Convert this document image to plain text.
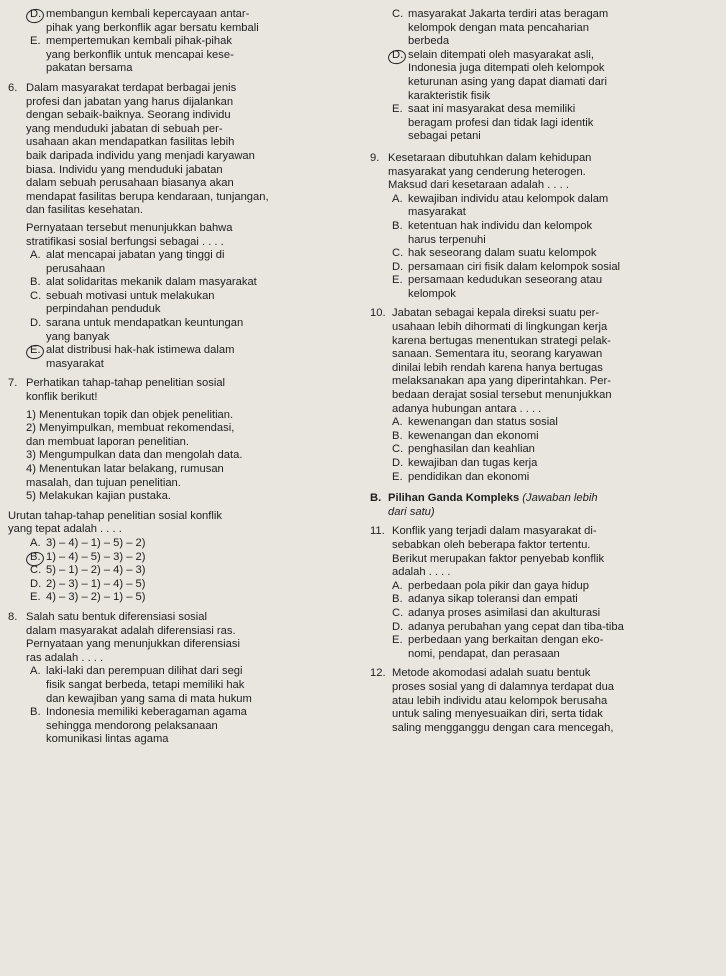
D. membangun kembali kepercayaan antar-
pihak yang berkonflik agar bersatu kembali
E. mempertemukan kembali pihak-pihak
yang berkonflik untuk mencapai kese-
pakatan bersama
6. Dalam masyarakat terdapat berbagai jenis
profesi dan jabatan yang harus dijalankan
dengan sebaik-baiknya. Seorang individu
yang menduduki jabatan di sebuah per-
usahaan akan mendapatkan fasilitas lebih
baik daripada individu yang menjadi karyawan
biasa. Individu yang menduduki jabatan
dalam sebuah perusahaan biasanya akan
mendapat fasilitas berupa kendaraan, tunjangan,
dan fasilitas kesehatan.
Pernyataan tersebut menunjukkan bahwa
stratifikasi sosial berfungsi sebagai . . . .
A. alat mencapai jabatan yang tinggi di
perusahaan
B. alat solidaritas mekanik dalam masyarakat
C. sebuah motivasi untuk melakukan
perpindahan penduduk
D. sarana untuk mendapatkan keuntungan
yang banyak
E. alat distribusi hak-hak istimewa dalam
masyarakat
7. Perhatikan tahap-tahap penelitian sosial
konflik berikut!
1) Menentukan topik dan objek penelitian.
2) Menyimpulkan, membuat rekomendasi,
dan membuat laporan penelitian.
3) Mengumpulkan data dan mengolah data.
4) Menentukan latar belakang, rumusan
masalah, dan tujuan penelitian.
5) Melakukan kajian pustaka.
Urutan tahap-tahap penelitian sosial konflik
yang tepat adalah . . . .
A. 3) – 4) – 1) – 5) – 2)
B. 1) – 4) – 5) – 3) – 2)
C. 5) – 1) – 2) – 4) – 3)
D. 2) – 3) – 1) – 4) – 5)
E. 4) – 3) – 2) – 1) – 5)
8. Salah satu bentuk diferensiasi sosial
dalam masyarakat adalah diferensiasi ras.
Pernyataan yang menunjukkan diferensiasi
ras adalah . . . .
A. laki-laki dan perempuan dilihat dari segi
fisik sangat berbeda, tetapi memiliki hak
dan kewajiban yang sama di mata hukum
B. Indonesia memiliki keberagaman agama
sehingga mendorong pelaksanaan
komunikasi lintas agama
C. masyarakat Jakarta terdiri atas beragam
kelompok dengan mata pencaharian
berbeda
D. selain ditempati oleh masyarakat asli,
Indonesia juga ditempati oleh kelompok
keturunan asing yang dapat diamati dari
karakteristik fisik
E. saat ini masyarakat desa memiliki
beragam profesi dan tidak lagi identik
sebagai petani
9. Kesetaraan dibutuhkan dalam kehidupan
masyarakat yang cenderung heterogen.
Maksud dari kesetaraan adalah . . . .
A. kewajiban individu atau kelompok dalam
masyarakat
B. ketentuan hak individu dan kelompok
harus terpenuhi
C. hak seseorang dalam suatu kelompok
D. persamaan ciri fisik dalam kelompok sosial
E. persamaan kedudukan seseorang atau
kelompok
10. Jabatan sebagai kepala direksi suatu per-
usahaan lebih dihormati di lingkungan kerja
karena bertugas menentukan strategi pelak-
sanaan. Sementara itu, seorang karyawan
dinilai lebih rendah karena hanya bertugas
melaksanakan apa yang diperintahkan. Per-
bedaan derajat sosial tersebut menunjukkan
adanya hubungan antara . . . .
A. kewenangan dan status sosial
B. kewenangan dan ekonomi
C. penghasilan dan keahlian
D. kewajiban dan tugas kerja
E. pendidikan dan ekonomi
B. Pilihan Ganda Kompleks (Jawaban lebih
dari satu)
11. Konflik yang terjadi dalam masyarakat di-
sebabkan oleh beberapa faktor tertentu.
Berikut merupakan faktor penyebab konflik
adalah . . . .
A. perbedaan pola pikir dan gaya hidup
B. adanya sikap toleransi dan empati
C. adanya proses asimilasi dan akulturasi
D. adanya perubahan yang cepat dan tiba-tiba
E. perbedaan yang berkaitan dengan eko-
nomi, pendapat, dan perasaan
12. Metode akomodasi adalah suatu bentuk
proses sosial yang di dalamnya terdapat dua
atau lebih individu atau kelompok berusaha
untuk saling menyesuaikan diri, serta tidak
saling mengganggu dengan cara mencegah,
